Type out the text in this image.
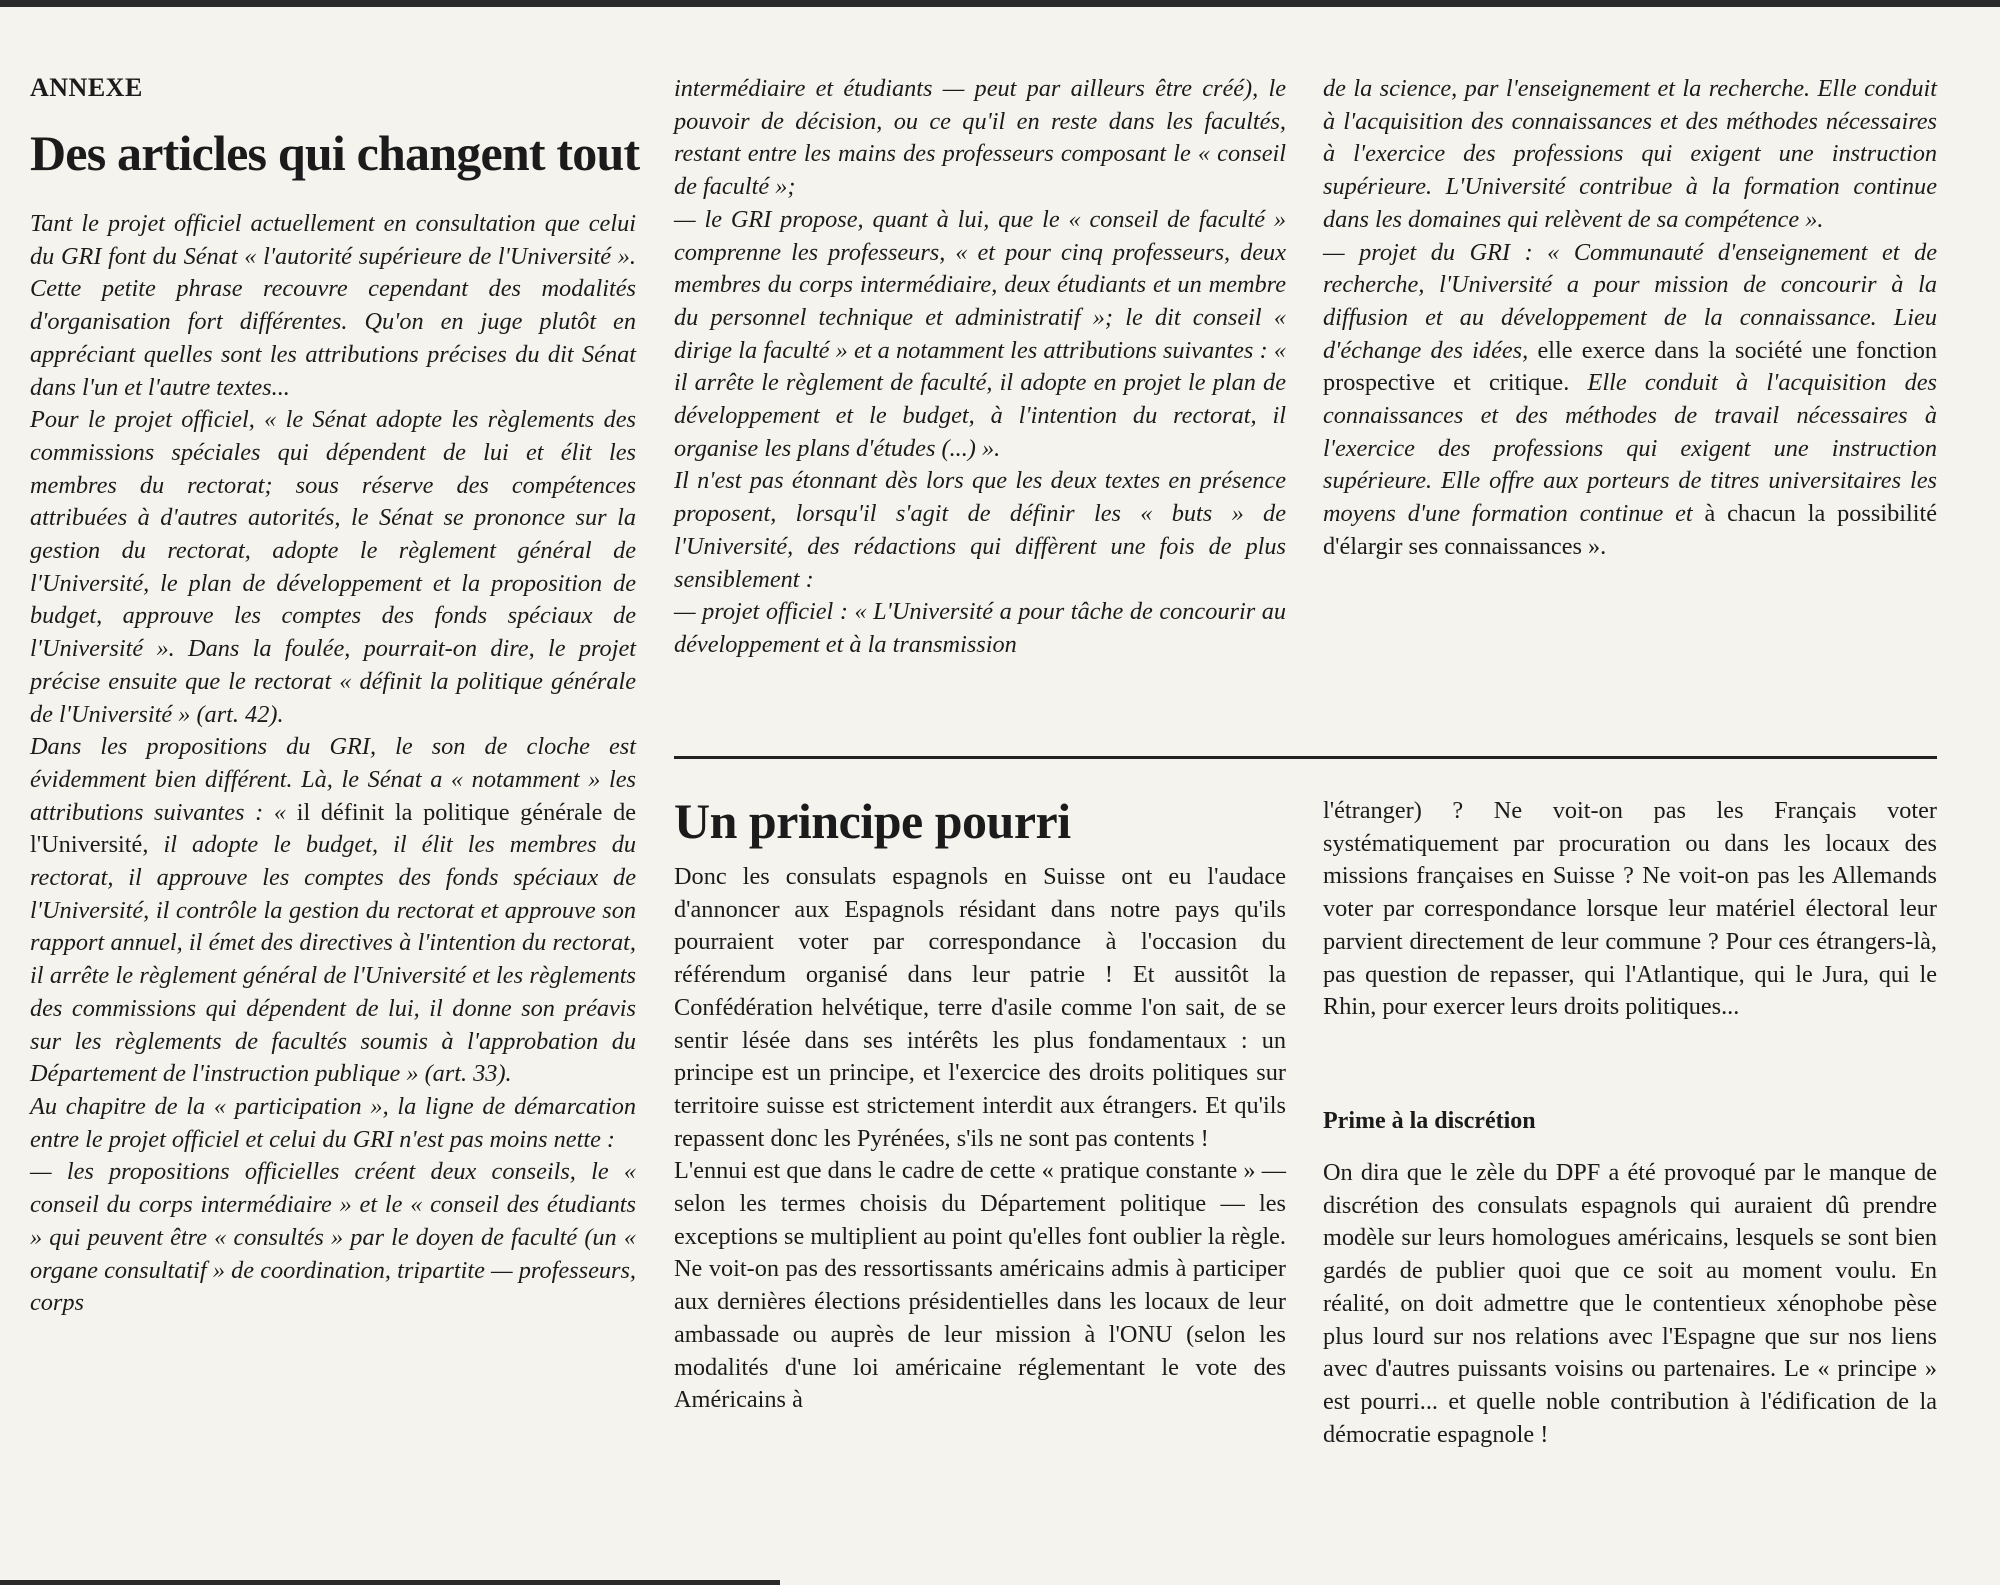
ANNEXE
Des articles qui changent tout

Tant le projet officiel actuellement en consultation que celui du GRI font du Sénat « l'autorité supérieure de l'Université ». Cette petite phrase recouvre cependant des modalités d'organisation fort différentes. Qu'on en juge plutôt en appréciant quelles sont les attributions précises du dit Sénat dans l'un et l'autre textes...

Pour le projet officiel, « le Sénat adopte les règlements des commissions spéciales qui dépendent de lui et élit les membres du rectorat; sous réserve des compétences attribuées à d'autres autorités, le Sénat se prononce sur la gestion du rectorat, adopte le règlement général de l'Université, le plan de développement et la proposition de budget, approuve les comptes des fonds spéciaux de l'Université ». Dans la foulée, pourrait-on dire, le projet précise ensuite que le rectorat « définit la politique générale de l'Université » (art. 42).

Dans les propositions du GRI, le son de cloche est évidemment bien différent. Là, le Sénat a « notamment » les attributions suivantes : « il définit la politique générale de l'Université, il adopte le budget, il élit les membres du rectorat, il approuve les comptes des fonds spéciaux de l'Université, il contrôle la gestion du rectorat et approuve son rapport annuel, il émet des directives à l'intention du rectorat, il arrête le règlement général de l'Université et les règlements des commissions qui dépendent de lui, il donne son préavis sur les règlements de facultés soumis à l'approbation du Département de l'instruction publique » (art. 33).

Au chapitre de la « participation », la ligne de démarcation entre le projet officiel et celui du GRI n'est pas moins nette :

— les propositions officielles créent deux conseils, le « conseil du corps intermédiaire » et le « conseil des étudiants » qui peuvent être « consultés » par le doyen de faculté (un « organe consultatif » de coordination, tripartite — professeurs, corps

intermédiaire et étudiants — peut par ailleurs être créé), le pouvoir de décision, ou ce qu'il en reste dans les facultés, restant entre les mains des professeurs composant le « conseil de faculté »;

— le GRI propose, quant à lui, que le « conseil de faculté » comprenne les professeurs, « et pour cinq professeurs, deux membres du corps intermédiaire, deux étudiants et un membre du personnel technique et administratif »; le dit conseil « dirige la faculté » et a notamment les attributions suivantes : « il arrête le règlement de faculté, il adopte en projet le plan de développement et le budget, à l'intention du rectorat, il organise les plans d'études (...) ».

Il n'est pas étonnant dès lors que les deux textes en présence proposent, lorsqu'il s'agit de définir les « buts » de l'Université, des rédactions qui diffèrent une fois de plus sensiblement :

— projet officiel : « L'Université a pour tâche de concourir au développement et à la transmission

de la science, par l'enseignement et la recherche. Elle conduit à l'acquisition des connaissances et des méthodes nécessaires à l'exercice des professions qui exigent une instruction supérieure. L'Université contribue à la formation continue dans les domaines qui relèvent de sa compétence ».

— projet du GRI : « Communauté d'enseignement et de recherche, l'Université a pour mission de concourir à la diffusion et au développement de la connaissance. Lieu d'échange des idées, elle exerce dans la société une fonction prospective et critique. Elle conduit à l'acquisition des connaissances et des méthodes de travail nécessaires à l'exercice des professions qui exigent une instruction supérieure. Elle offre aux porteurs de titres universitaires les moyens d'une formation continue et à chacun la possibilité d'élargir ses connaissances ».

Un principe pourri

Donc les consulats espagnols en Suisse ont eu l'audace d'annoncer aux Espagnols résidant dans notre pays qu'ils pourraient voter par correspondance à l'occasion du référendum organisé dans leur patrie ! Et aussitôt la Confédération helvétique, terre d'asile comme l'on sait, de se sentir lésée dans ses intérêts les plus fondamentaux : un principe est un principe, et l'exercice des droits politiques sur territoire suisse est strictement interdit aux étrangers. Et qu'ils repassent donc les Pyrénées, s'ils ne sont pas contents !

L'ennui est que dans le cadre de cette « pratique constante » — selon les termes choisis du Département politique — les exceptions se multiplient au point qu'elles font oublier la règle. Ne voit-on pas des ressortissants américains admis à participer aux dernières élections présidentielles dans les locaux de leur ambassade ou auprès de leur mission à l'ONU (selon les modalités d'une loi américaine réglementant le vote des Américains à

l'étranger) ? Ne voit-on pas les Français voter systématiquement par procuration ou dans les locaux des missions françaises en Suisse ? Ne voit-on pas les Allemands voter par correspondance lorsque leur matériel électoral leur parvient directement de leur commune ? Pour ces étrangers-là, pas question de repasser, qui l'Atlantique, qui le Jura, qui le Rhin, pour exercer leurs droits politiques...

Prime à la discrétion

On dira que le zèle du DPF a été provoqué par le manque de discrétion des consulats espagnols qui auraient dû prendre modèle sur leurs homologues américains, lesquels se sont bien gardés de publier quoi que ce soit au moment voulu. En réalité, on doit admettre que le contentieux xénophobe pèse plus lourd sur nos relations avec l'Espagne que sur nos liens avec d'autres puissants voisins ou partenaires. Le « principe » est pourri... et quelle noble contribution à l'édification de la démocratie espagnole !
